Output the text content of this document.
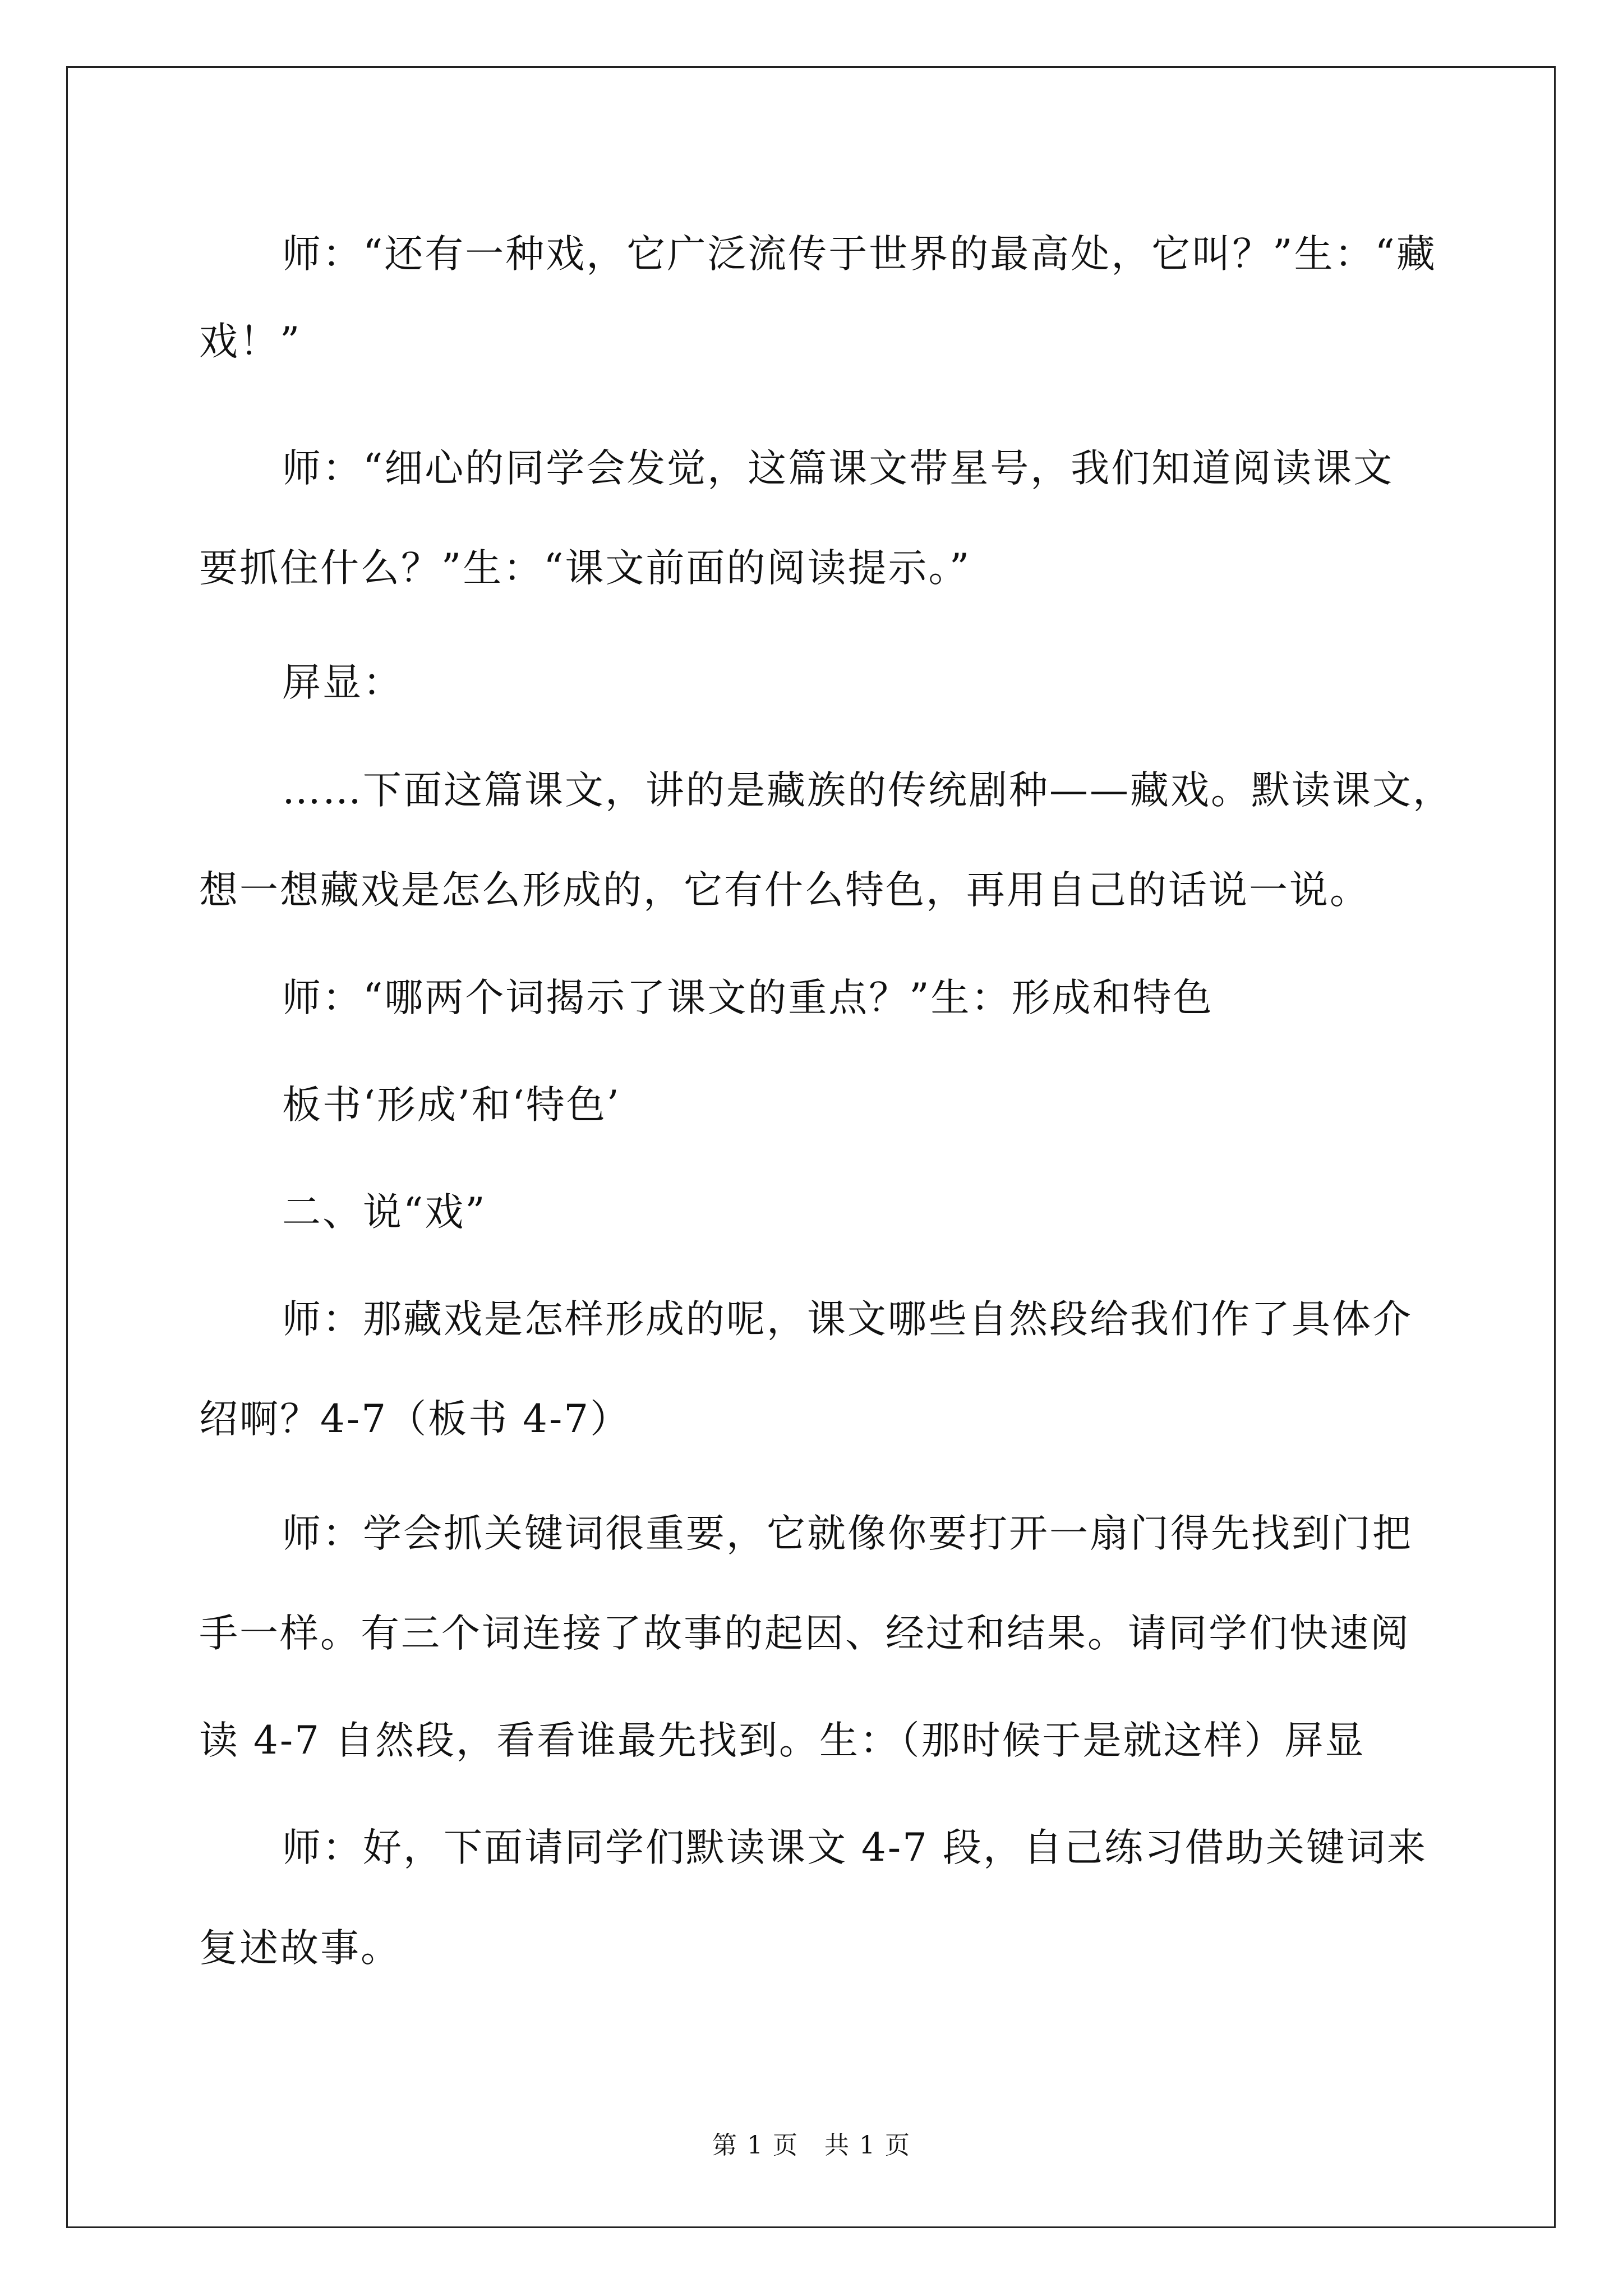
师：“还有一种戏，它广泛流传于世界的最高处，它叫？”生：“藏

戏！”

师：“细心的同学会发觉，这篇课文带星号，我们知道阅读课文

要抓住什么？”生：“课文前面的阅读提示。”

屏显：

……下面这篇课文，讲的是藏族的传统剧种——藏戏。默读课文，

想一想藏戏是怎么形成的，它有什么特色，再用自己的话说一说。

师：“哪两个词揭示了课文的重点？”生：形成和特色

板书‘形成’和‘特色’

二、说“戏”

师：那藏戏是怎样形成的呢，课文哪些自然段给我们作了具体介

绍啊？4-7（板书 4-7）

师：学会抓关键词很重要，它就像你要打开一扇门得先找到门把

手一样。有三个词连接了故事的起因、经过和结果。请同学们快速阅

读 4-7 自然段，看看谁最先找到。生：（那时候于是就这样）屏显

师：好，下面请同学们默读课文 4-7 段，自己练习借助关键词来

复述故事。

第 1 页　共 1 页
